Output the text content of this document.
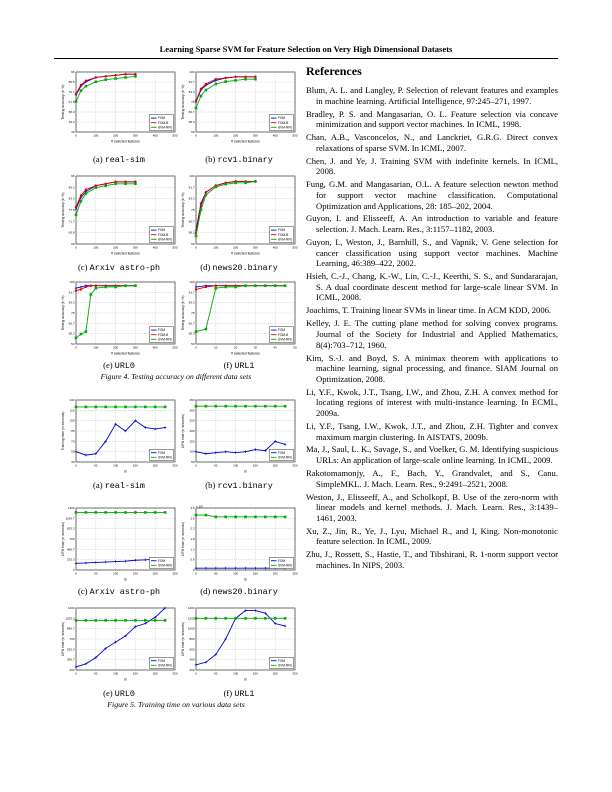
Learning Sparse SVM for Feature Selection on Very High Dimensional Datasets
0	100	200	300	400	500
40
49.2
58.3
67.5
76.7
85.8
95
# selected features
Testing accuracy (in %)	FGM
FGM-B
SVM-RFE
(a) real-sim
0	100	200	300	400	500
50
58.3
66.7
75
83.3
91.7
100
# selected features
Testing accuracy (in %)	FGM
FGM-B
SVM-RFE
(b) rcv1.binary
0	100	200	300	400	500
60
65.8
71.7
77.5
83.3
89.2
95
# selected features
Testing accuracy (in %)
FGM
FGM-B
SVM-RFE
(c) Arxiv astro-ph
0	100	200	300	400	500
50
58.3
66.7
75
83.3
91.7
100
# selected features
Testing accuracy (in %)
FGM
FGM-B
SVM-RFE
(d) news20.binary
0	100	200	300	400	500
50
58.3
66.7
75
83.3
91.7
100
# selected features
Testing accuracy (in %)	FGM
FGM-B
SVM-RFE
(e) URL0
0	10	20	30	40	50
50
58.3
66.7
75
83.3
91.7
100
# selected features
Testing accuracy (in %)	FGM
FGM-B
SVM-RFE
(f) URL1
Figure 4. Testing accuracy on different data sets
0	50	100	150	200	250
40
55
70
85
100
115
130
B
Training time (in seconds)
FGM
SVM-RFE
(a) real-sim
0	50	100	150	200	250
50
100
150
200
250
300
350
B
CPU time (in seconds)
FGM
SVM-RFE
(b) rcv1.binary
0	50	100	150	200	250
0
233.3
466.7
700
933.3
1166.7
1400
B
CPU time (in seconds)
FGM
SVM-RFE
(c) Arxiv astro-ph
0	50	100	150	200	250
0
0.6
1.2
1.8
2.3
2.9
3.5 × 10⁴
B
CPU time (in seconds)
FGM
SVM-RFE
(d) news20.binary
0	50	100	150	200	250
200
366.7
533.3
700
866.7
1033.3
1200
B
CPU time (in seconds)
FGM
SVM-RFE
(e) URL0
0	50	100	150	200	250
200
400
600
800
1000
1200
1400
B
CPU time (in seconds)
FGM
SVM-RFE
(f) URL1
Figure 5. Training time on various data sets
References
Blum, A. L. and Langley, P. Selection of relevant features and examples in machine learning. Artificial Intelligence, 97:245–271, 1997.
Bradley, P. S. and Mangasarian, O. L. Feature selection via concave minimization and support vector machines. In ICML, 1998.
Chan, A.B., Vasconcelos, N., and Lanckriet, G.R.G. Direct convex relaxations of sparse SVM. In ICML, 2007.
Chen, J. and Ye, J. Training SVM with indefinite kernels. In ICML, 2008.
Fung, G.M. and Mangasarian, O.L. A feature selection newton method for support vector machine classification. Computational Optimization and Applications, 28: 185–202, 2004.
Guyon, I. and Elisseeff, A. An introduction to variable and feature selection. J. Mach. Learn. Res., 3:1157–1182, 2003.
Guyon, I., Weston, J., Barnhill, S., and Vapnik, V. Gene selection for cancer classification using support vector machines. Machine Learning, 46:389–422, 2002.
Hsieh, C.-J., Chang, K.-W., Lin, C.-J., Keerthi, S. S., and Sundararajan, S. A dual coordinate descent method for large-scale linear SVM. In ICML, 2008.
Joachims, T. Training linear SVMs in linear time. In ACM KDD, 2006.
Kelley, J. E. The cutting plane method for solving convex programs. Journal of the Society for Industrial and Applied Mathematics, 8(4):703–712, 1960.
Kim, S.-J. and Boyd, S. A minimax theorem with applications to machine learning, signal processing, and finance. SIAM Journal on Optimization, 2008.
Li, Y.F., Kwok, J.T., Tsang, I.W., and Zhou, Z.H. A convex method for locating regions of interest with multi-instance learning. In ECML, 2009a.
Li, Y.F., Tsang, I.W., Kwok, J.T., and Zhou, Z.H. Tighter and convex maximum margin clustering. In AISTATS, 2009b.
Ma, J., Saul, L. K., Savage, S., and Voelker, G. M. Identifying suspicious URLs: An application of large-scale online learning. In ICML, 2009.
Rakotomamonjy, A., F., Bach, Y., Grandvalet, and S., Canu. SimpleMKL. J. Mach. Learn. Res., 9:2491–2521, 2008.
Weston, J., Elisseeff, A., and Scholkopf, B. Use of the zero-norm with linear models and kernel methods. J. Mach. Learn. Res., 3:1439–1461, 2003.
Xu, Z., Jin, R., Ye, J., Lyu, Michael R., and I, King. Non-monotonic feature selection. In ICML, 2009.
Zhu, J., Rossett, S., Hastie, T., and Tibshirani, R. 1-norm support vector machines. In NIPS, 2003.
